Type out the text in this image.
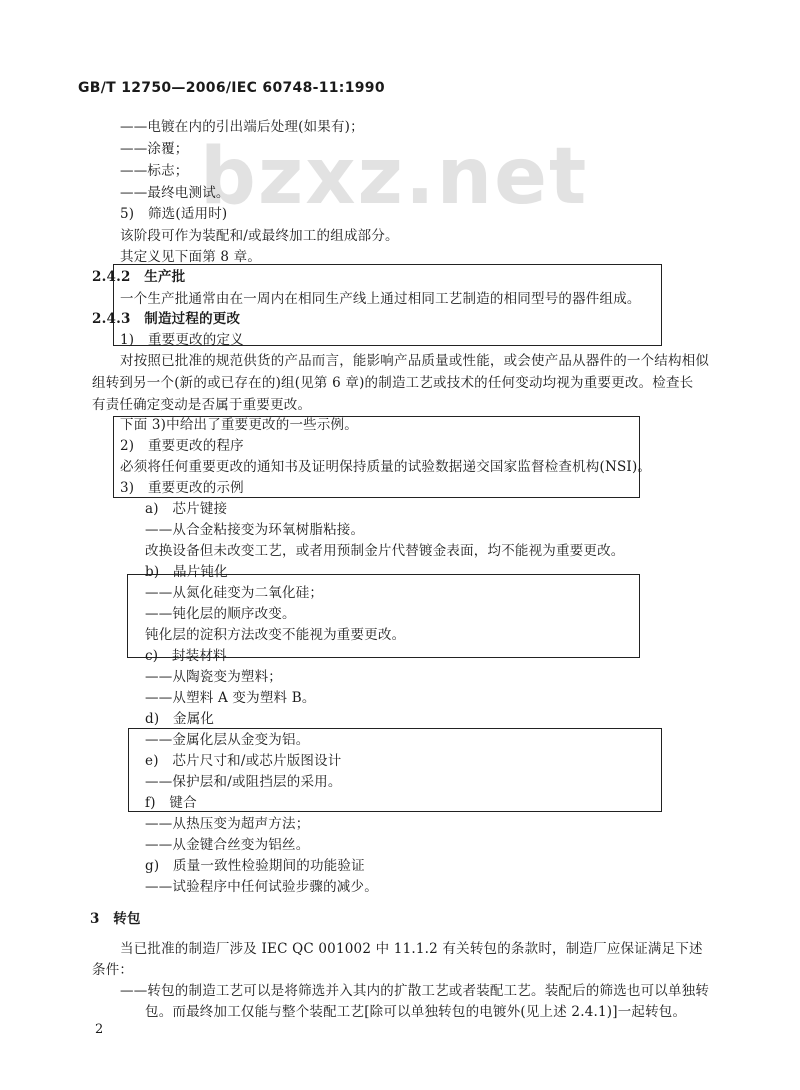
bzxz.net
GB/T 12750—2006/IEC 60748-11:1990
——电镀在内的引出端后处理(如果有)；
——涂覆；
——标志；
——最终电测试。
5)　筛选(适用时)
该阶段可作为装配和/或最终加工的组成部分。
其定义见下面第 8 章。
2.4.2　生产批
一个生产批通常由在一周内在相同生产线上通过相同工艺制造的相同型号的器件组成。
2.4.3　制造过程的更改
1)　重要更改的定义
对按照已批准的规范供货的产品而言，能影响产品质量或性能，或会使产品从器件的一个结构相似
组转到另一个(新的或已存在的)组(见第 6 章)的制造工艺或技术的任何变动均视为重要更改。检查长
有责任确定变动是否属于重要更改。
下面 3)中给出了重要更改的一些示例。
2)　重要更改的程序
必须将任何重要更改的通知书及证明保持质量的试验数据递交国家监督检查机构(NSI)。
3)　重要更改的示例
a)　芯片键接
——从合金粘接变为环氧树脂粘接。
改换设备但未改变工艺，或者用预制金片代替镀金表面，均不能视为重要更改。
b)　晶片钝化
——从氮化硅变为二氧化硅；
——钝化层的顺序改变。
钝化层的淀积方法改变不能视为重要更改。
c)　封装材料
——从陶瓷变为塑料；
——从塑料 A 变为塑料 B。
d)　金属化
——金属化层从金变为铝。
e)　芯片尺寸和/或芯片版图设计
——保护层和/或阻挡层的采用。
f)　键合
——从热压变为超声方法；
——从金键合丝变为铝丝。
g)　质量一致性检验期间的功能验证
——试验程序中任何试验步骤的减少。
3　转包
当已批准的制造厂涉及 IEC QC 001002 中 11.1.2 有关转包的条款时，制造厂应保证满足下述
条件：
——转包的制造工艺可以是将筛选并入其内的扩散工艺或者装配工艺。装配后的筛选也可以单独转
包。而最终加工仅能与整个装配工艺[除可以单独转包的电镀外(见上述 2.4.1)]一起转包。
2
